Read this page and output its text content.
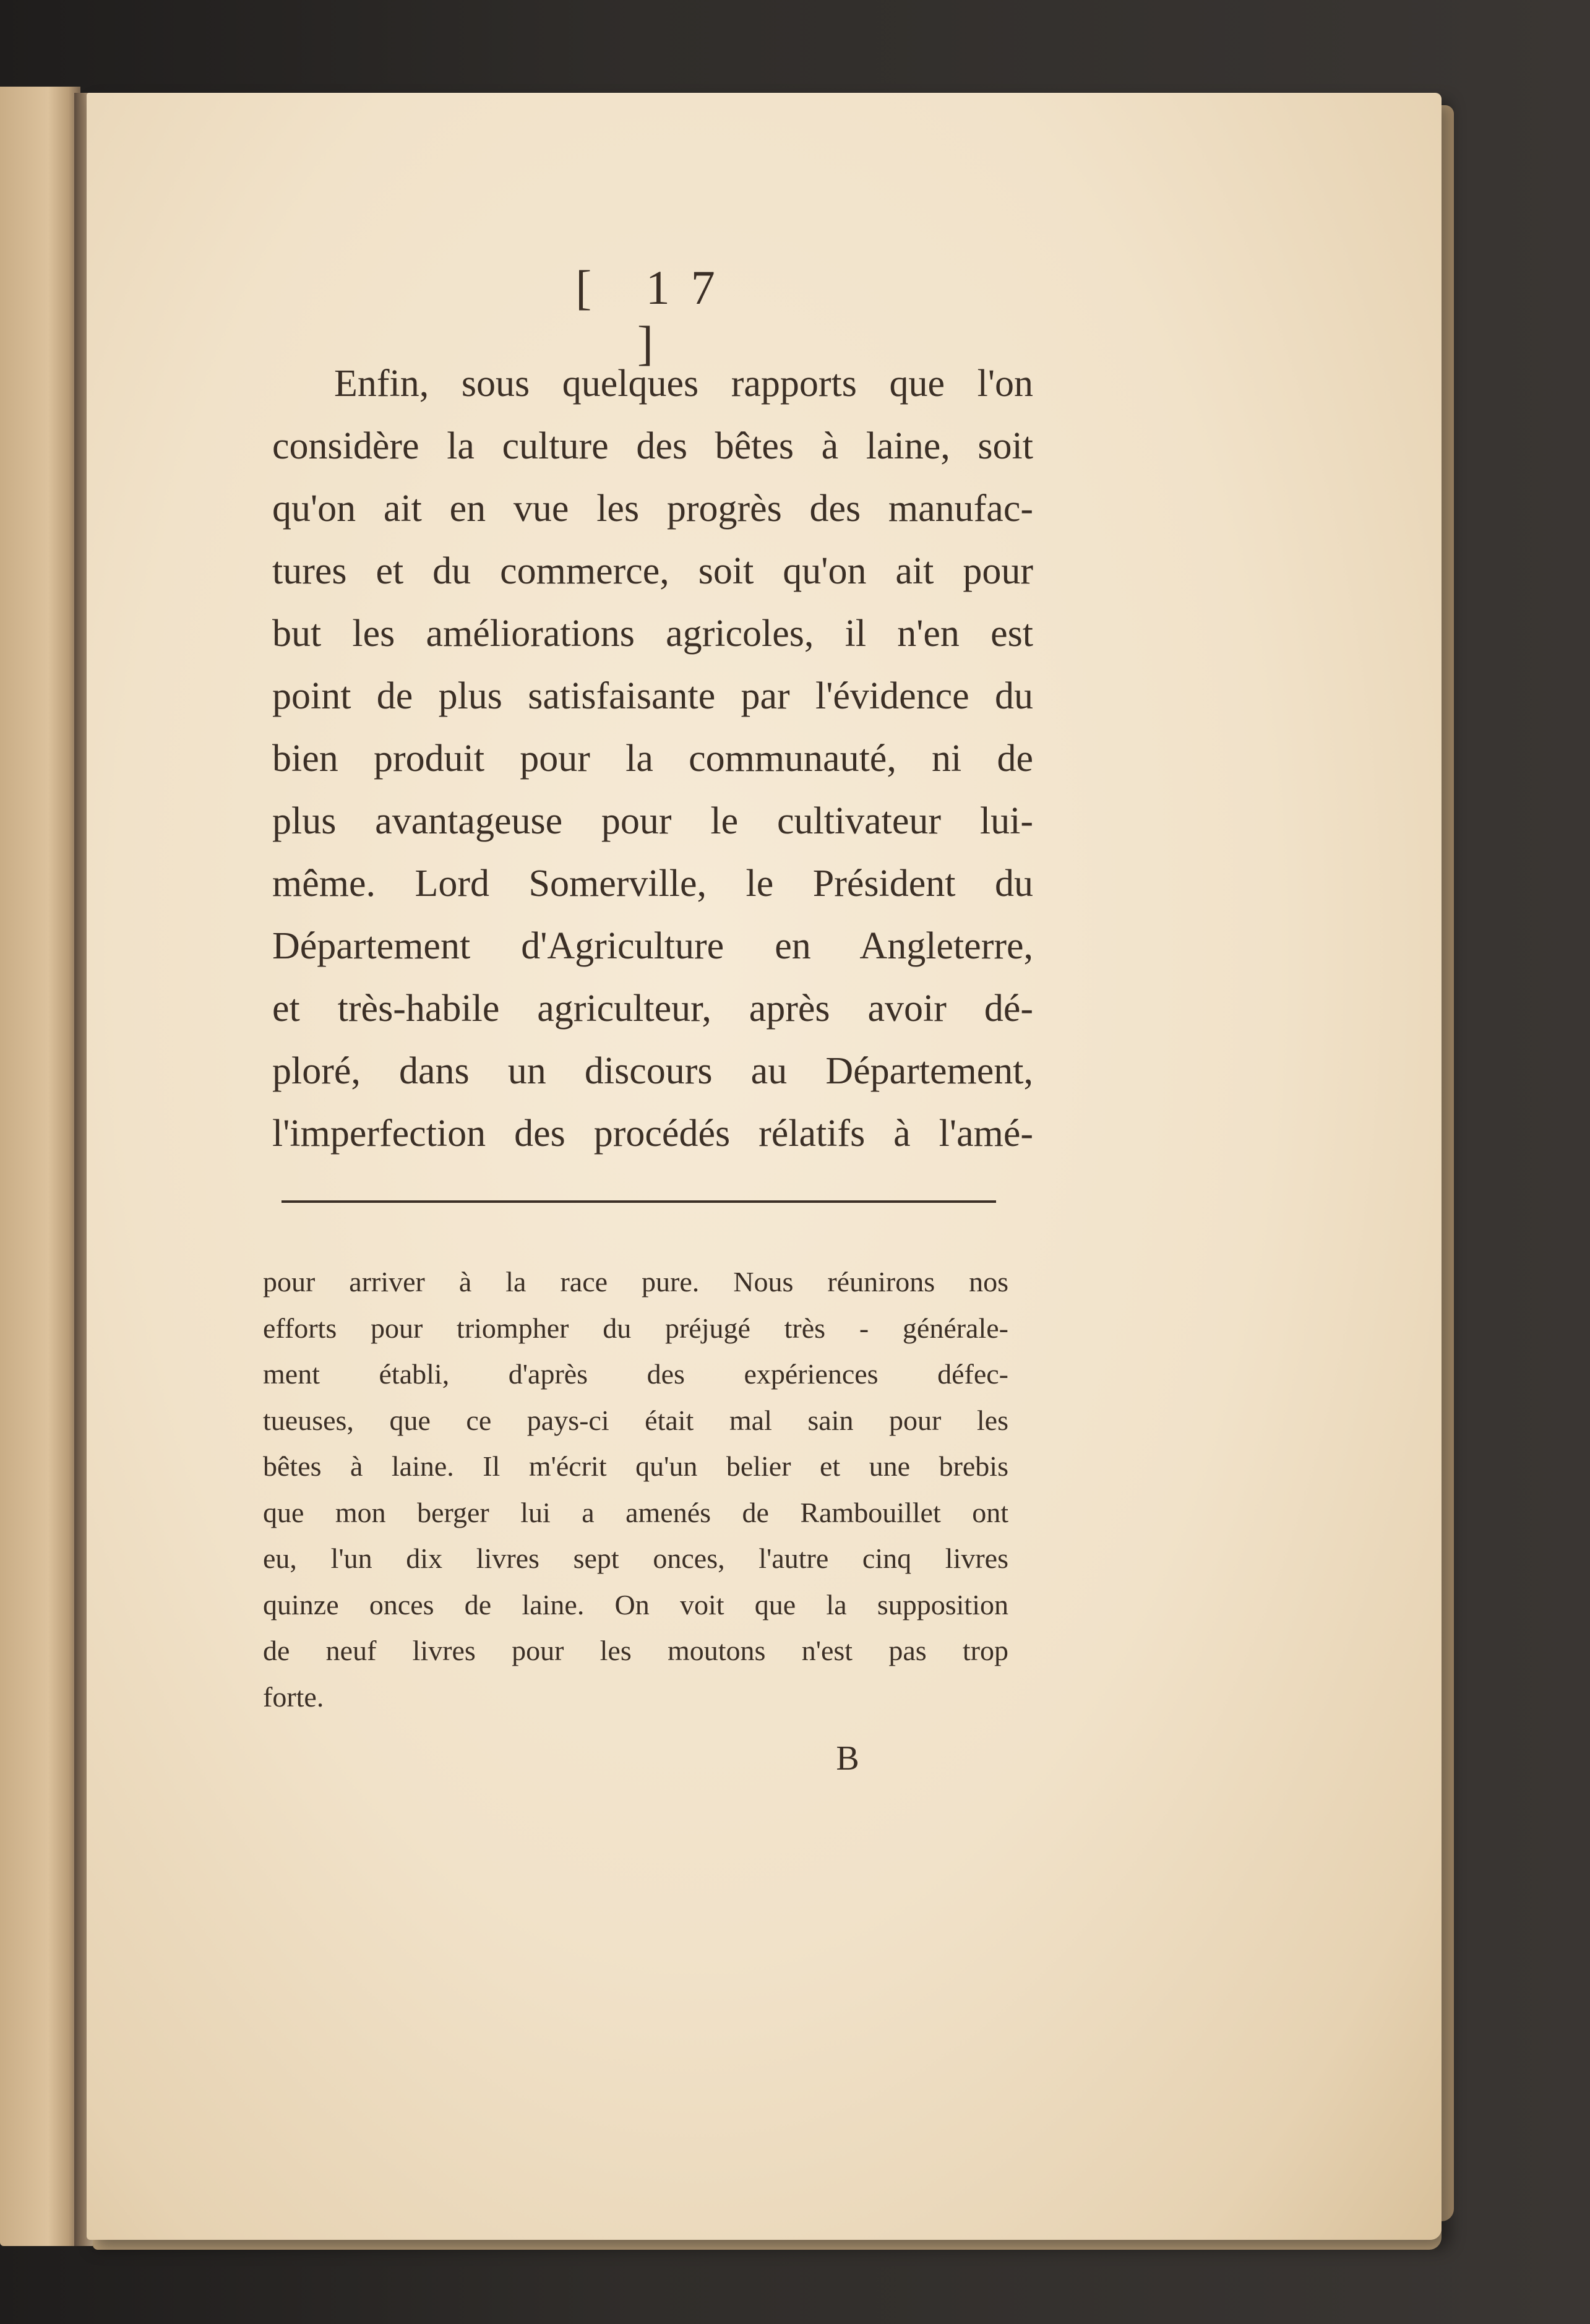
[ 17 ]
Enfin, sous quelques rapports que l'on
considère la culture des bêtes à laine, soit
qu'on ait en vue les progrès des manufac-
tures et du commerce, soit qu'on ait pour
but les améliorations agricoles, il n'en est
point de plus satisfaisante par l'évidence du
bien produit pour la communauté, ni de
plus avantageuse pour le cultivateur lui-
même. Lord Somerville, le Président du
Département d'Agriculture en Angleterre,
et très-habile agriculteur, après avoir dé-
ploré, dans un discours au Département,
l'imperfection des procédés rélatifs à l'amé-
pour arriver à la race pure. Nous réunirons nos
efforts pour triompher du préjugé très - générale-
ment établi, d'après des expériences défec-
tueuses, que ce pays-ci était mal sain pour les
bêtes à laine. Il m'écrit qu'un belier et une brebis
que mon berger lui a amenés de Rambouillet ont
eu, l'un dix livres sept onces, l'autre cinq livres
quinze onces de laine. On voit que la supposition
de neuf livres pour les moutons n'est pas trop
forte.
B
